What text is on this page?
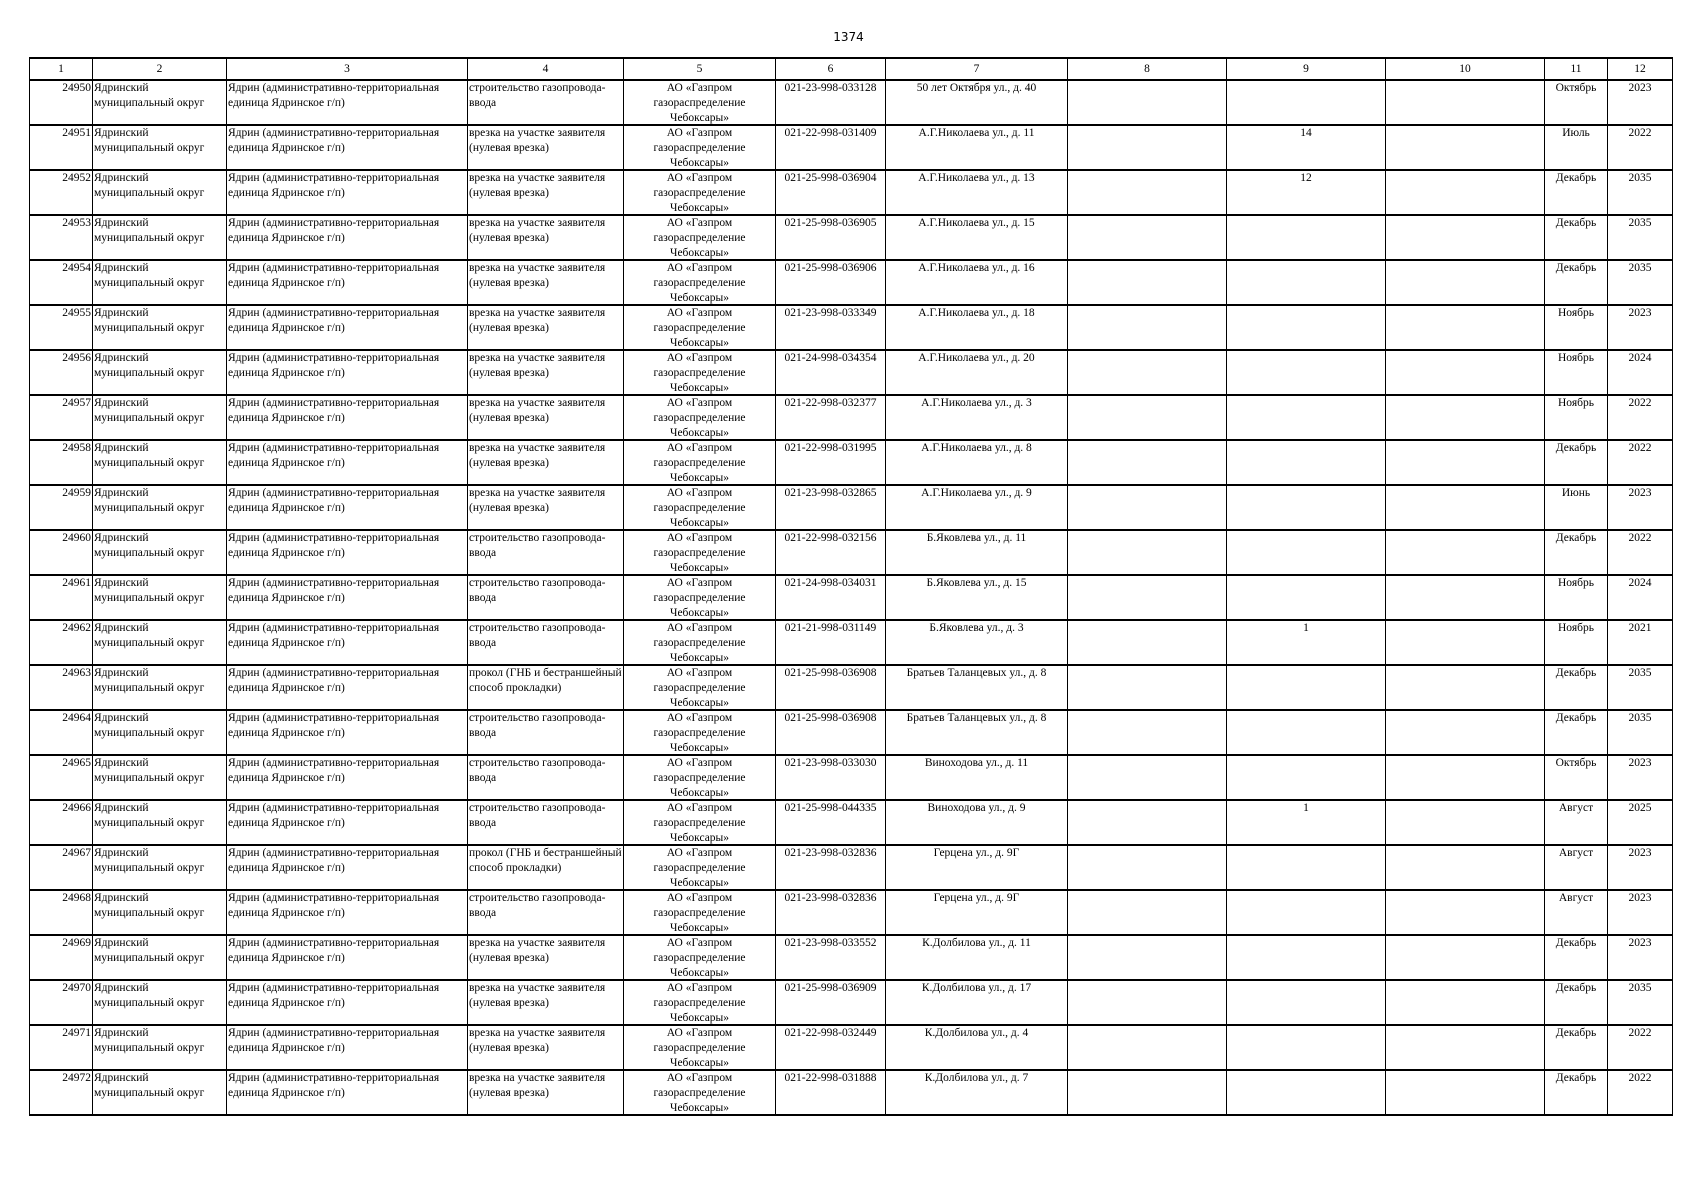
1374
1	2	3	4	5	6	7	8	9	10	11	12

24950	Ядринский муниципальный округ	Ядрин (административно-территориальная единица Ядринское г/п)	строительство газопровода-ввода	АО «Газпром газораспределение Чебоксары»	021-23-998-033128	50 лет Октября ул., д. 40				Октябрь	2023

24951	Ядринский муниципальный округ	Ядрин (административно-территориальная единица Ядринское г/п)	врезка на участке заявителя (нулевая врезка)	АО «Газпром газораспределение Чебоксары»	021-22-998-031409	А.Г.Николаева ул., д. 11		14		Июль	2022

24952	Ядринский муниципальный округ	Ядрин (административно-территориальная единица Ядринское г/п)	врезка на участке заявителя (нулевая врезка)	АО «Газпром газораспределение Чебоксары»	021-25-998-036904	А.Г.Николаева ул., д. 13		12		Декабрь	2035

24953	Ядринский муниципальный округ	Ядрин (административно-территориальная единица Ядринское г/п)	врезка на участке заявителя (нулевая врезка)	АО «Газпром газораспределение Чебоксары»	021-25-998-036905	А.Г.Николаева ул., д. 15				Декабрь	2035

24954	Ядринский муниципальный округ	Ядрин (административно-территориальная единица Ядринское г/п)	врезка на участке заявителя (нулевая врезка)	АО «Газпром газораспределение Чебоксары»	021-25-998-036906	А.Г.Николаева ул., д. 16				Декабрь	2035

24955	Ядринский муниципальный округ	Ядрин (административно-территориальная единица Ядринское г/п)	врезка на участке заявителя (нулевая врезка)	АО «Газпром газораспределение Чебоксары»	021-23-998-033349	А.Г.Николаева ул., д. 18				Ноябрь	2023

24956	Ядринский муниципальный округ	Ядрин (административно-территориальная единица Ядринское г/п)	врезка на участке заявителя (нулевая врезка)	АО «Газпром газораспределение Чебоксары»	021-24-998-034354	А.Г.Николаева ул., д. 20				Ноябрь	2024

24957	Ядринский муниципальный округ	Ядрин (административно-территориальная единица Ядринское г/п)	врезка на участке заявителя (нулевая врезка)	АО «Газпром газораспределение Чебоксары»	021-22-998-032377	А.Г.Николаева ул., д. 3				Ноябрь	2022

24958	Ядринский муниципальный округ	Ядрин (административно-территориальная единица Ядринское г/п)	врезка на участке заявителя (нулевая врезка)	АО «Газпром газораспределение Чебоксары»	021-22-998-031995	А.Г.Николаева ул., д. 8				Декабрь	2022

24959	Ядринский муниципальный округ	Ядрин (административно-территориальная единица Ядринское г/п)	врезка на участке заявителя (нулевая врезка)	АО «Газпром газораспределение Чебоксары»	021-23-998-032865	А.Г.Николаева ул., д. 9				Июнь	2023

24960	Ядринский муниципальный округ	Ядрин (административно-территориальная единица Ядринское г/п)	строительство газопровода-ввода	АО «Газпром газораспределение Чебоксары»	021-22-998-032156	Б.Яковлева ул., д. 11				Декабрь	2022

24961	Ядринский муниципальный округ	Ядрин (административно-территориальная единица Ядринское г/п)	строительство газопровода-ввода	АО «Газпром газораспределение Чебоксары»	021-24-998-034031	Б.Яковлева ул., д. 15				Ноябрь	2024

24962	Ядринский муниципальный округ	Ядрин (административно-территориальная единица Ядринское г/п)	строительство газопровода-ввода	АО «Газпром газораспределение Чебоксары»	021-21-998-031149	Б.Яковлева ул., д. 3		1		Ноябрь	2021

24963	Ядринский муниципальный округ	Ядрин (административно-территориальная единица Ядринское г/п)	прокол (ГНБ и бестраншейный способ прокладки)	АО «Газпром газораспределение Чебоксары»	021-25-998-036908	Братьев Таланцевых ул., д. 8				Декабрь	2035

24964	Ядринский муниципальный округ	Ядрин (административно-территориальная единица Ядринское г/п)	строительство газопровода-ввода	АО «Газпром газораспределение Чебоксары»	021-25-998-036908	Братьев Таланцевых ул., д. 8				Декабрь	2035

24965	Ядринский муниципальный округ	Ядрин (административно-территориальная единица Ядринское г/п)	строительство газопровода-ввода	АО «Газпром газораспределение Чебоксары»	021-23-998-033030	Виноходова ул., д. 11				Октябрь	2023

24966	Ядринский муниципальный округ	Ядрин (административно-территориальная единица Ядринское г/п)	строительство газопровода-ввода	АО «Газпром газораспределение Чебоксары»	021-25-998-044335	Виноходова ул., д. 9		1		Август	2025

24967	Ядринский муниципальный округ	Ядрин (административно-территориальная единица Ядринское г/п)	прокол (ГНБ и бестраншейный способ прокладки)	АО «Газпром газораспределение Чебоксары»	021-23-998-032836	Герцена ул., д. 9Г				Август	2023

24968	Ядринский муниципальный округ	Ядрин (административно-территориальная единица Ядринское г/п)	строительство газопровода-ввода	АО «Газпром газораспределение Чебоксары»	021-23-998-032836	Герцена ул., д. 9Г				Август	2023

24969	Ядринский муниципальный округ	Ядрин (административно-территориальная единица Ядринское г/п)	врезка на участке заявителя (нулевая врезка)	АО «Газпром газораспределение Чебоксары»	021-23-998-033552	К.Долбилова ул., д. 11				Декабрь	2023

24970	Ядринский муниципальный округ	Ядрин (административно-территориальная единица Ядринское г/п)	врезка на участке заявителя (нулевая врезка)	АО «Газпром газораспределение Чебоксары»	021-25-998-036909	К.Долбилова ул., д. 17				Декабрь	2035

24971	Ядринский муниципальный округ	Ядрин (административно-территориальная единица Ядринское г/п)	врезка на участке заявителя (нулевая врезка)	АО «Газпром газораспределение Чебоксары»	021-22-998-032449	К.Долбилова ул., д. 4				Декабрь	2022

24972	Ядринский муниципальный округ	Ядрин (административно-территориальная единица Ядринское г/п)	врезка на участке заявителя (нулевая врезка)	АО «Газпром газораспределение Чебоксары»	021-22-998-031888	К.Долбилова ул., д. 7				Декабрь	2022
